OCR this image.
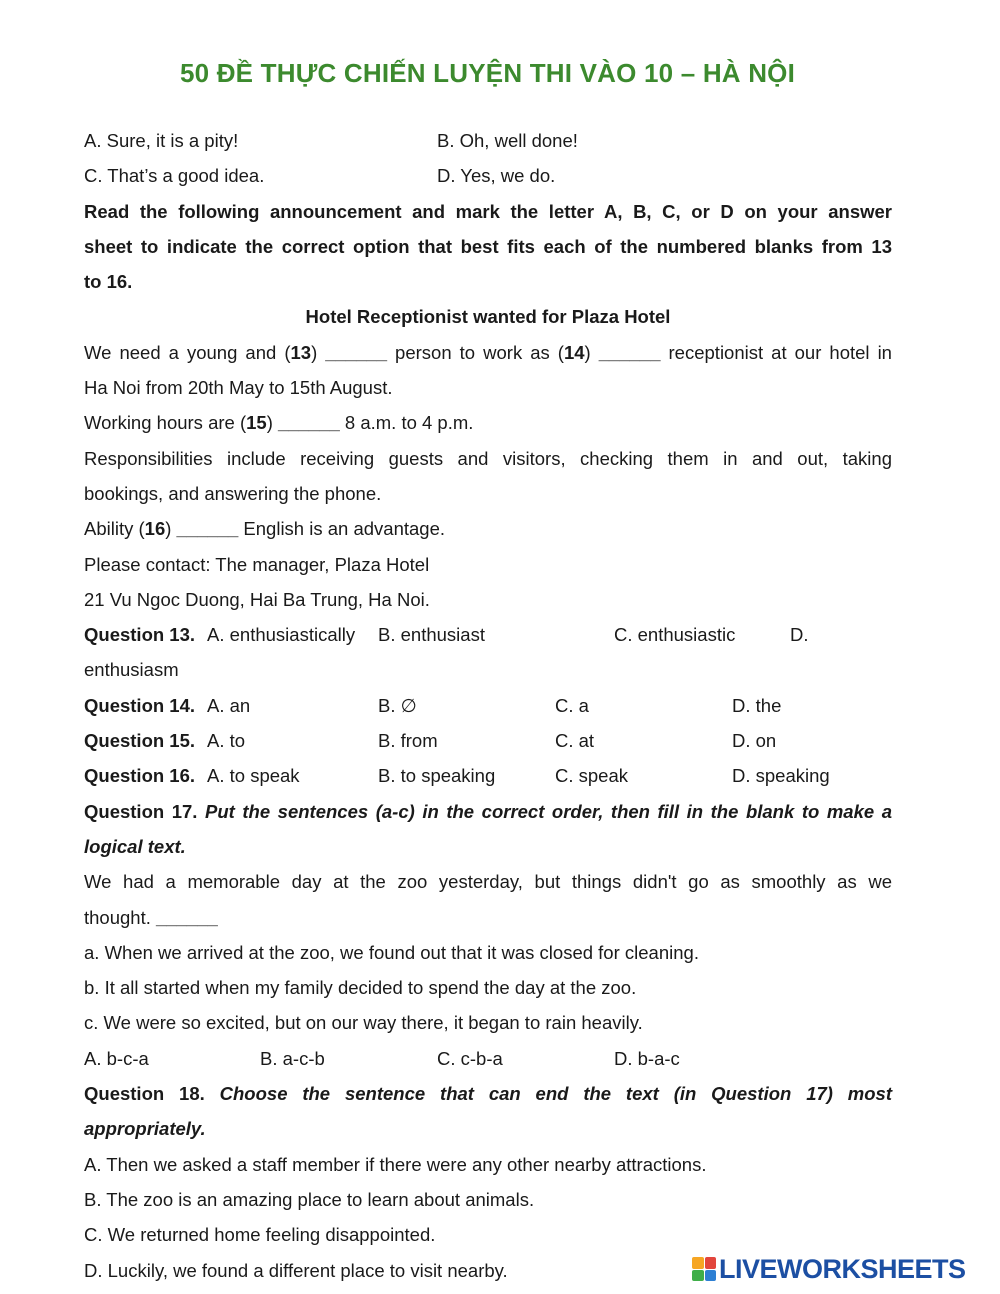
50 ĐỀ THỰC CHIẾN LUYỆN THI VÀO 10 – HÀ NỘI
A. Sure, it is a pity!	B. Oh, well done!
C. That’s a good idea.	D. Yes, we do.
Read the following announcement and mark the letter A, B, C, or D on your answer
sheet to indicate the correct option that best fits each of the numbered blanks from 13
to 16.
Hotel Receptionist wanted for Plaza Hotel
We need a young and (13) ______ person to work as (14) ______ receptionist at our hotel in
Ha Noi from 20th May to 15th August.
Working hours are (15) ______ 8 a.m. to 4 p.m.
Responsibilities include receiving guests and visitors, checking them in and out, taking
bookings, and answering the phone.
Ability (16) ______ English is an advantage.
Please contact: The manager, Plaza Hotel
21 Vu Ngoc Duong, Hai Ba Trung, Ha Noi.
Question 13. A. enthusiastically B. enthusiast	C. enthusiastic	D.
enthusiasm
Question 14. A. an	B. ∅	C. a	D. the
Question 15. A. to	B. from	C. at	D. on
Question 16. A. to speak	B. to speaking	C. speak	D. speaking
Question 17. Put the sentences (a-c) in the correct order, then fill in the blank to make a
logical text.
We had a memorable day at the zoo yesterday, but things didn't go as smoothly as we
thought. ______
a. When we arrived at the zoo, we found out that it was closed for cleaning.
b. It all started when my family decided to spend the day at the zoo.
c. We were so excited, but on our way there, it began to rain heavily.
A. b-c-a	B. a-c-b	C. c-b-a	D. b-a-c
Question 18. Choose the sentence that can end the text (in Question 17) most
appropriately.
A. Then we asked a staff member if there were any other nearby attractions.
B. The zoo is an amazing place to learn about animals.
C. We returned home feeling disappointed.
D. Luckily, we found a different place to visit nearby.	LIVEWORKSHEETS
